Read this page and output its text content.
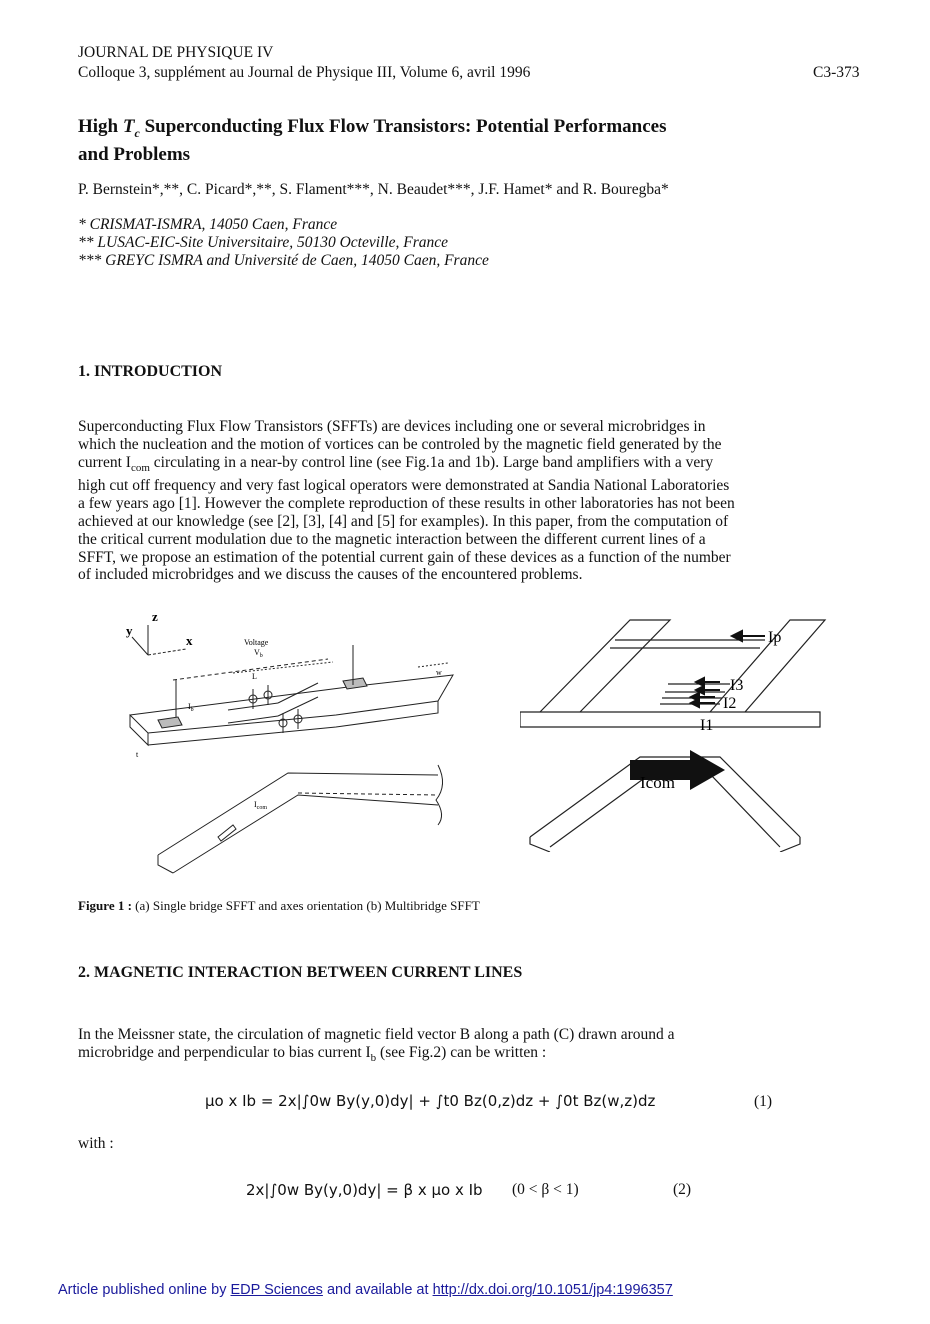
JOURNAL DE PHYSIQUE IV
Colloque 3, supplément au Journal de Physique III, Volume 6, avril 1996	C3-373
High $T_c$ Superconducting Flux Flow Transistors: Potential Performances
and Problems
P. Bernstein*,**, C. Picard*,**, S. Flament***, N. Beaudet***, J.F. Hamet* and R. Bouregba*
* CRISMAT-ISMRA, 14050 Caen, France
** LUSAC-EIC-Site Universitaire, 50130 Octeville, France
*** GREYC ISMRA and Université de Caen, 14050 Caen, France
1. INTRODUCTION
Superconducting Flux Flow Transistors (SFFTs) are devices including one or several microbridges in
which the nucleation and the motion of vortices can be controled by the magnetic field generated by the
current $I_{com}$ circulating in a near-by control line (see Fig.1a and 1b). Large band amplifiers with a very
high cut off frequency and very fast logical operators were demonstrated at Sandia National Laboratories
a few years ago [1]. However the complete reproduction of these results in other laboratories has not been
achieved at our knowledge (see [2], [3], [4] and [5] for examples). In this paper, from the computation of
the critical current modulation due to the magnetic interaction between the different current lines of a
SFFT, we propose an estimation of the potential current gain of these devices as a function of the number
of included microbridges and we discuss the causes of the encountered problems.
y
z
x	Voltage
$V_b$
w
L
$I_b$
t
$I_{com}$
Ip
I3
I2
I1
Icom
Figure 1 : (a) Single bridge SFFT and axes orientation (b) Multibridge SFFT
2. MAGNETIC INTERACTION BETWEEN CURRENT LINES
In the Meissner state, the circulation of magnetic field vector B along a path (C) drawn around a
microbridge and perpendicular to bias current $I_b$ (see Fig.2) can be written :
μo x Ib = 2x|∫0w By(y,0)dy| + ∫t0 Bz(0,z)dz + ∫0t Bz(w,z)dz	(1)
with :
2x|∫0w By(y,0)dy| = β x μo x Ib (0 < β < 1)	(2)
Article published online by EDP Sciences and available at http://dx.doi.org/10.1051/jp4:1996357
